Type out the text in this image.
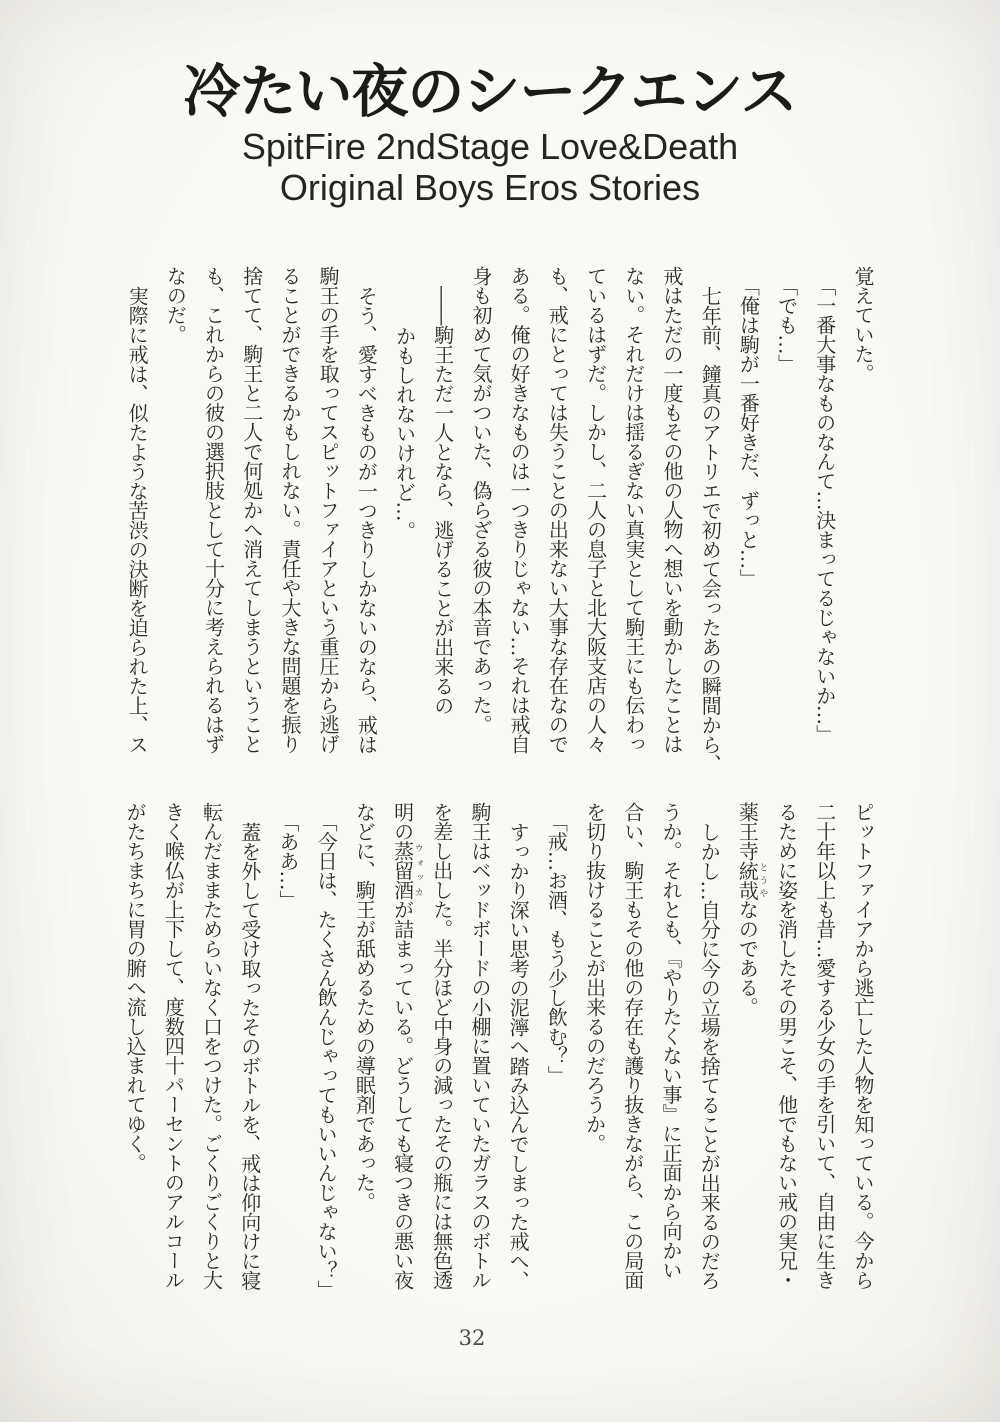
冷たい夜のシークエンス

SpitFire 2ndStage Love&Death

Original Boys Eros Stories

覚えていた。

「一番大事なものなんて…決まってるじゃないか…」

「でも…」

「俺は駒が一番好きだ、ずっと…」

七年前、鐘真のアトリエで初めて会ったあの瞬間から、

戒はただの一度もその他の人物へ想いを動かしたことは

ない。それだけは揺るぎない真実として駒王にも伝わっ

ているはずだ。しかし、二人の息子と北大阪支店の人々

も、戒にとっては失うことの出来ない大事な存在なので

ある。俺の好きなものは一つきりじゃない…それは戒自

身も初めて気がついた、偽らざる彼の本音であった。

――駒王ただ一人となら、逃げることが出来るの

かもしれないけれど…。

そう、愛すべきものが一つきりしかないのなら、戒は

駒王の手を取ってスピットファイアという重圧から逃げ

ることができるかもしれない。責任や大きな問題を振り

捨てて、駒王と二人で何処かへ消えてしまうということ

も、これからの彼の選択肢として十分に考えられるはず

なのだ。

実際に戒は、似たような苦渋の決断を迫られた上、ス

ピットファイアから逃亡した人物を知っている。今から

二十年以上も昔…愛する少女の手を引いて、自由に生き

るために姿を消したその男こそ、他でもない戒の実兄・

薬王寺統哉とうやなのである。

しかし…自分に今の立場を捨てることが出来るのだろ

うか。それとも、『やりたくない事』に正面から向かい

合い、駒王もその他の存在も護り抜きながら、この局面

を切り抜けることが出来るのだろうか。

「戒…お酒、もう少し飲む？」

すっかり深い思考の泥濘へ踏み込んでしまった戒へ、

駒王はベッドボードの小棚に置いていたガラスのボトル

を差し出した。半分ほど中身の減ったその瓶には無色透

明の蒸留酒ウォッカが詰まっている。どうしても寝つきの悪い夜

などに、駒王が舐めるための導眠剤であった。

「今日は、たくさん飲んじゃってもいいんじゃない？」

「ああ…」

蓋を外して受け取ったそのボトルを、戒は仰向けに寝

転んだままためらいなく口をつけた。ごくりごくりと大

きく喉仏が上下して、度数四十パーセントのアルコール

がたちまちに胃の腑へ流し込まれてゆく。

32
